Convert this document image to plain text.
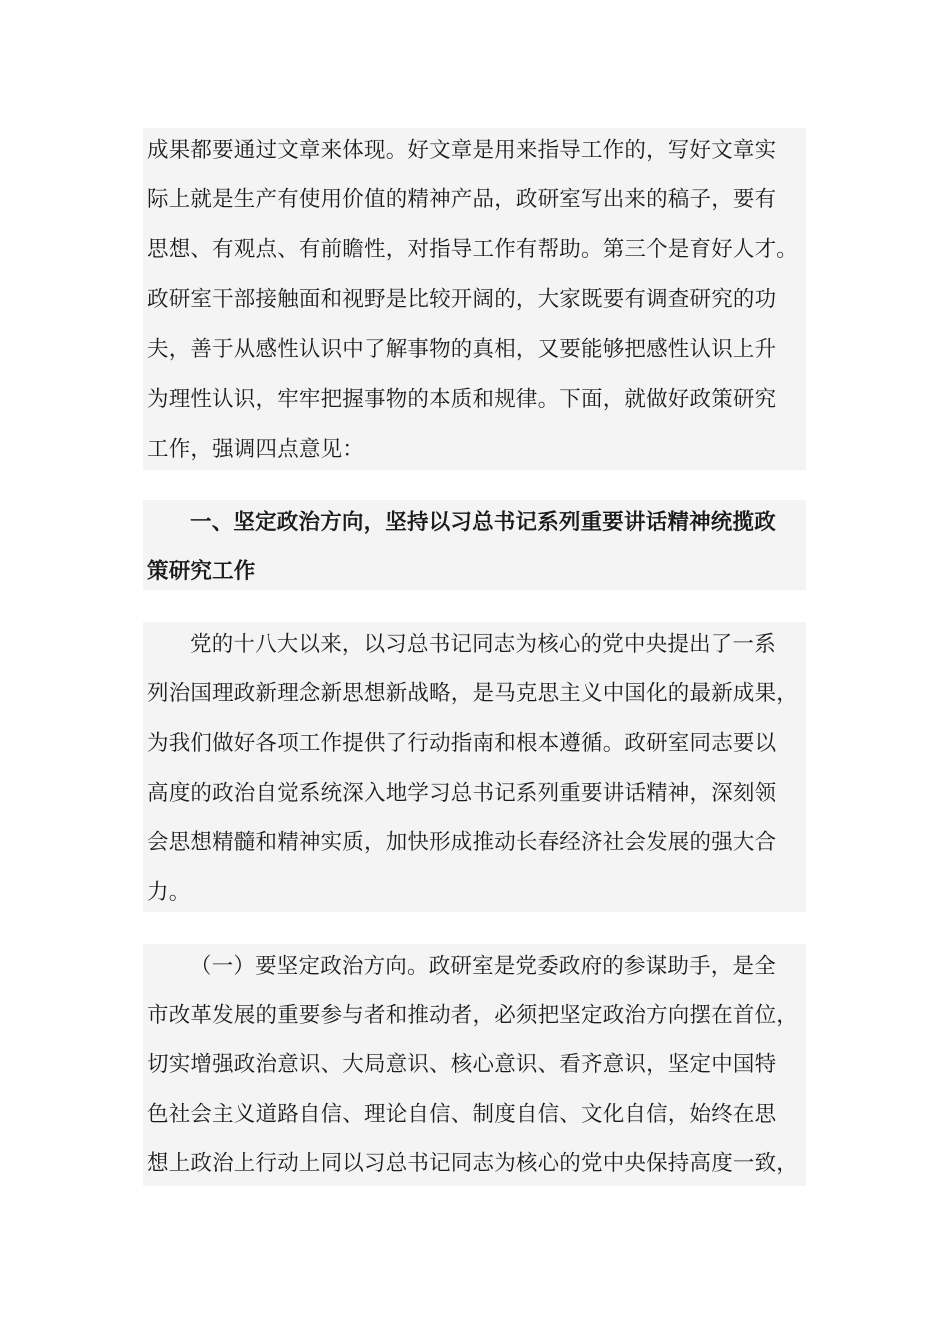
成果都要通过文章来体现。好文章是用来指导工作的，写好文章实
际上就是生产有使用价值的精神产品，政研室写出来的稿子，要有
思想、有观点、有前瞻性，对指导工作有帮助。第三个是育好人才。
政研室干部接触面和视野是比较开阔的，大家既要有调查研究的功
夫，善于从感性认识中了解事物的真相，又要能够把感性认识上升
为理性认识，牢牢把握事物的本质和规律。下面，就做好政策研究
工作，强调四点意见：
一、坚定政治方向，坚持以习总书记系列重要讲话精神统揽政
策研究工作
党的十八大以来，以习总书记同志为核心的党中央提出了一系
列治国理政新理念新思想新战略，是马克思主义中国化的最新成果，
为我们做好各项工作提供了行动指南和根本遵循。政研室同志要以
高度的政治自觉系统深入地学习总书记系列重要讲话精神，深刻领
会思想精髓和精神实质，加快形成推动长春经济社会发展的强大合
力。
（一）要坚定政治方向。政研室是党委政府的参谋助手，是全
市改革发展的重要参与者和推动者，必须把坚定政治方向摆在首位，
切实增强政治意识、大局意识、核心意识、看齐意识，坚定中国特
色社会主义道路自信、理论自信、制度自信、文化自信，始终在思
想上政治上行动上同以习总书记同志为核心的党中央保持高度一致，
